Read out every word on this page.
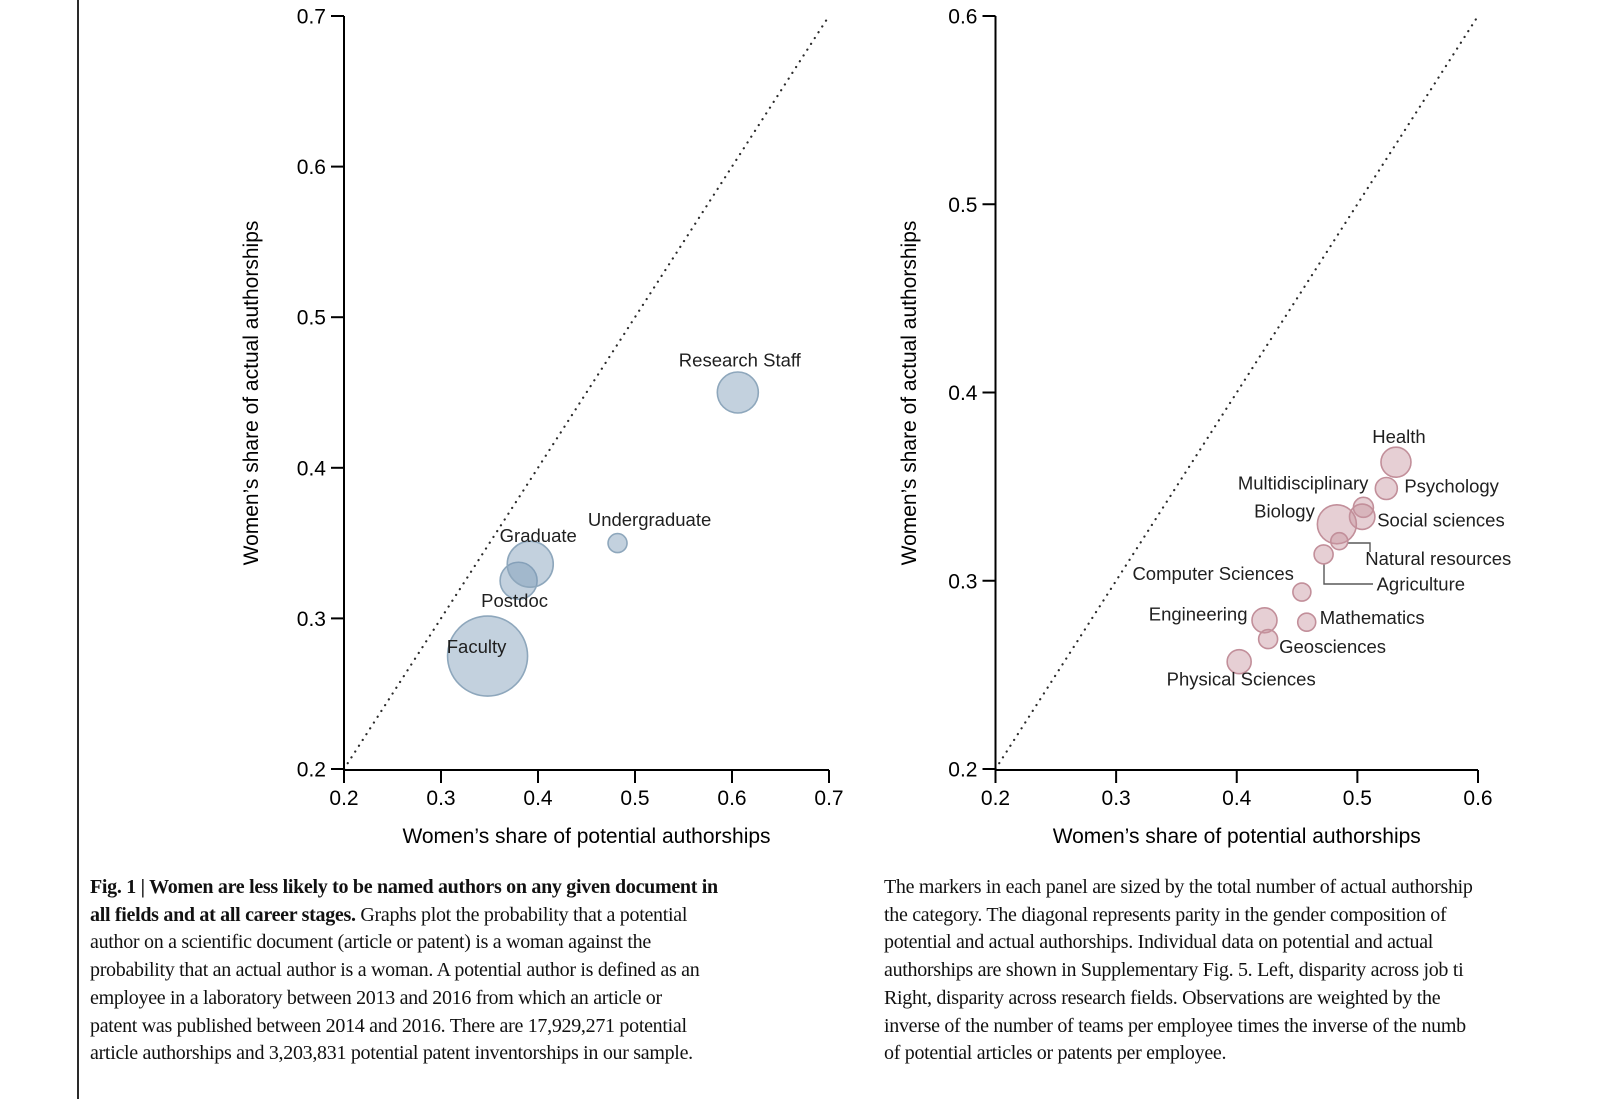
Faculty
Postdoc
Graduate
Undergraduate
Research Staff
0.2	0.3	0.4	0.5	0.6	0.7
0.2
0.3
0.4
0.5
0.6
0.7
Women’s share of potential authorships
Women’s share of actual authorships	Health
Psychology
Multidisciplinary
Social sciences
Biology
Natural resources
Agriculture
Computer Sciences
Engineering	Mathematics
Geosciences
Physical Sciences
0.2	0.3	0.4	0.5	0.6
0.2
0.3
0.4
0.5
0.6
Women’s share of potential authorships
Women’s share of actual authorships
Fig. 1 | Women are less likely to be named authors on any given document in
all fields and at all career stages. Graphs plot the probability that a potential
author on a scientific document (article or patent) is a woman against the
probability that an actual author is a woman. A potential author is defined as an
employee in a laboratory between 2013 and 2016 from which an article or
patent was published between 2014 and 2016. There are 17,929,271 potential
article authorships and 3,203,831 potential patent inventorships in our sample.
The markers in each panel are sized by the total number of actual authorship
the category. The diagonal represents parity in the gender composition of
potential and actual authorships. Individual data on potential and actual
authorships are shown in Supplementary Fig. 5. Left, disparity across job ti
Right, disparity across research fields. Observations are weighted by the
inverse of the number of teams per employee times the inverse of the numb
of potential articles or patents per employee.
